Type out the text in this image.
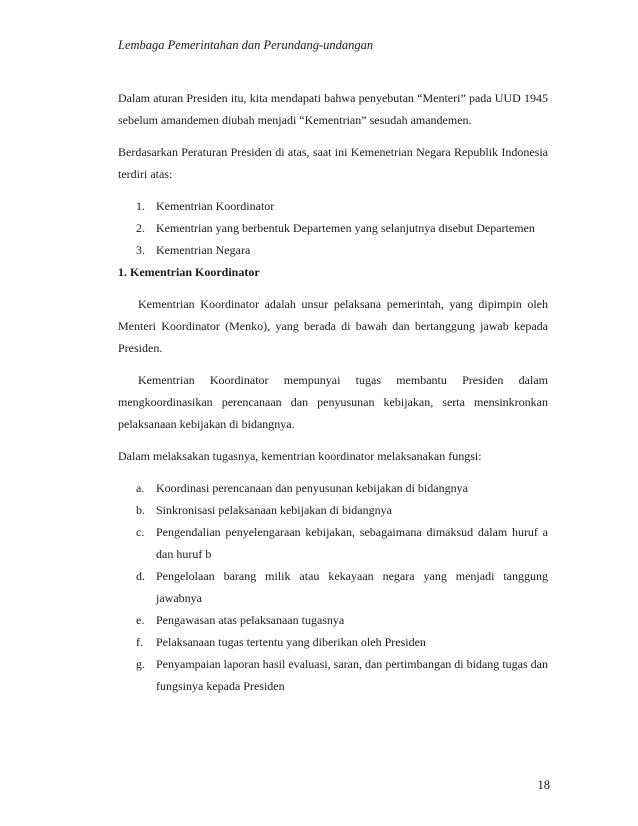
Lembaga Pemerintahan dan Perundang-undangan

Dalam aturan Presiden itu, kita mendapati bahwa penyebutan “Menteri” pada UUD 1945 sebelum amandemen diubah menjadi “Kementrian” sesudah amandemen.

Berdasarkan Peraturan Presiden di atas, saat ini Kemenetrian Negara Republik Indonesia terdiri atas:

1. Kementrian Koordinator
2. Kementrian yang berbentuk Departemen yang selanjutnya disebut Departemen
3. Kementrian Negara
1. Kementrian Koordinator

Kementrian Koordinator adalah unsur pelaksana pemerintah, yang dipimpin oleh Menteri Koordinator (Menko), yang berada di bawah dan bertanggung jawab kepada Presiden.

Kementrian Koordinator mempunyai tugas membantu Presiden dalam mengkoordinasikan perencanaan dan penyusunan kebijakan, serta mensinkronkan pelaksanaan kebijakan di bidangnya.

Dalam melaksakan tugasnya, kementrian koordinator melaksanakan fungsi:

a. Koordinasi perencanaan dan penyusunan kebijakan di bidangnya
b. Sinkronisasi pelaksanaan kebijakan di bidangnya
c. Pengendalian penyelengaraan kebijakan, sebagaimana dimaksud dalam huruf a dan huruf b
d. Pengelolaan barang milik atau kekayaan negara yang menjadi tanggung jawabnya
e. Pengawasan atas pelaksanaan tugasnya
f. Pelaksanaan tugas tertentu yang diberikan oleh Presiden
g. Penyampaian laporan hasil evaluasi, saran, dan pertimbangan di bidang tugas dan fungsinya kepada Presiden
18
